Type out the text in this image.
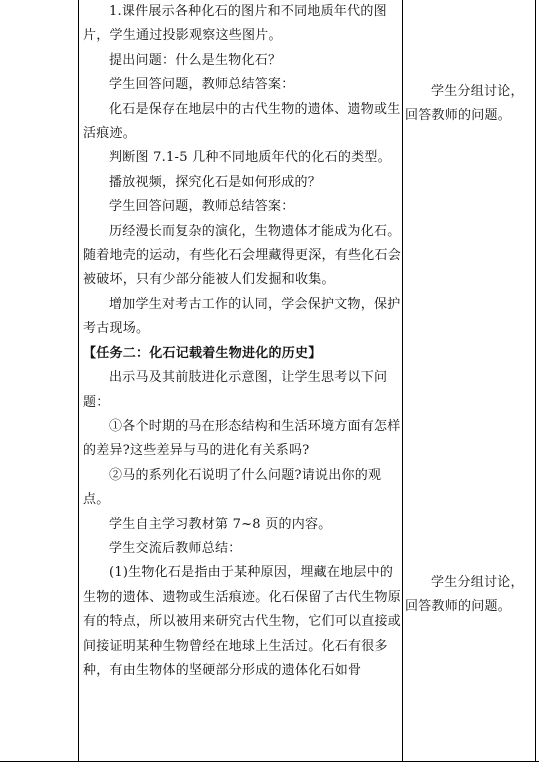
1.课件展示各种化石的图片和不同地质年代的图片，学生通过投影观察这些图片。

提出问题：什么是生物化石？

学生回答问题，教师总结答案：

化石是保存在地层中的古代生物的遗体、遗物或生活痕迹。

判断图 7.1-5 几种不同地质年代的化石的类型。

播放视频，探究化石是如何形成的？

学生回答问题，教师总结答案：

历经漫长而复杂的演化，生物遗体才能成为化石。随着地壳的运动，有些化石会埋藏得更深，有些化石会被破坏，只有少部分能被人们发掘和收集。

增加学生对考古工作的认同，学会保护文物，保护考古现场。

【任务二：化石记载着生物进化的历史】

出示马及其前肢进化示意图，让学生思考以下问题：

①各个时期的马在形态结构和生活环境方面有怎样的差异?这些差异与马的进化有关系吗?

②马的系列化石说明了什么问题?请说出你的观点。

学生自主学习教材第 7~8 页的内容。

学生交流后教师总结：

(1)生物化石是指由于某种原因，埋藏在地层中的生物的遗体、遗物或生活痕迹。化石保留了古代生物原有的特点，所以被用来研究古代生物，它们可以直接或间接证明某种生物曾经在地球上生活过。化石有很多种，有由生物体的坚硬部分形成的遗体化石如骨

学生分组讨论，回答教师的问题。

学生分组讨论，回答教师的问题。
